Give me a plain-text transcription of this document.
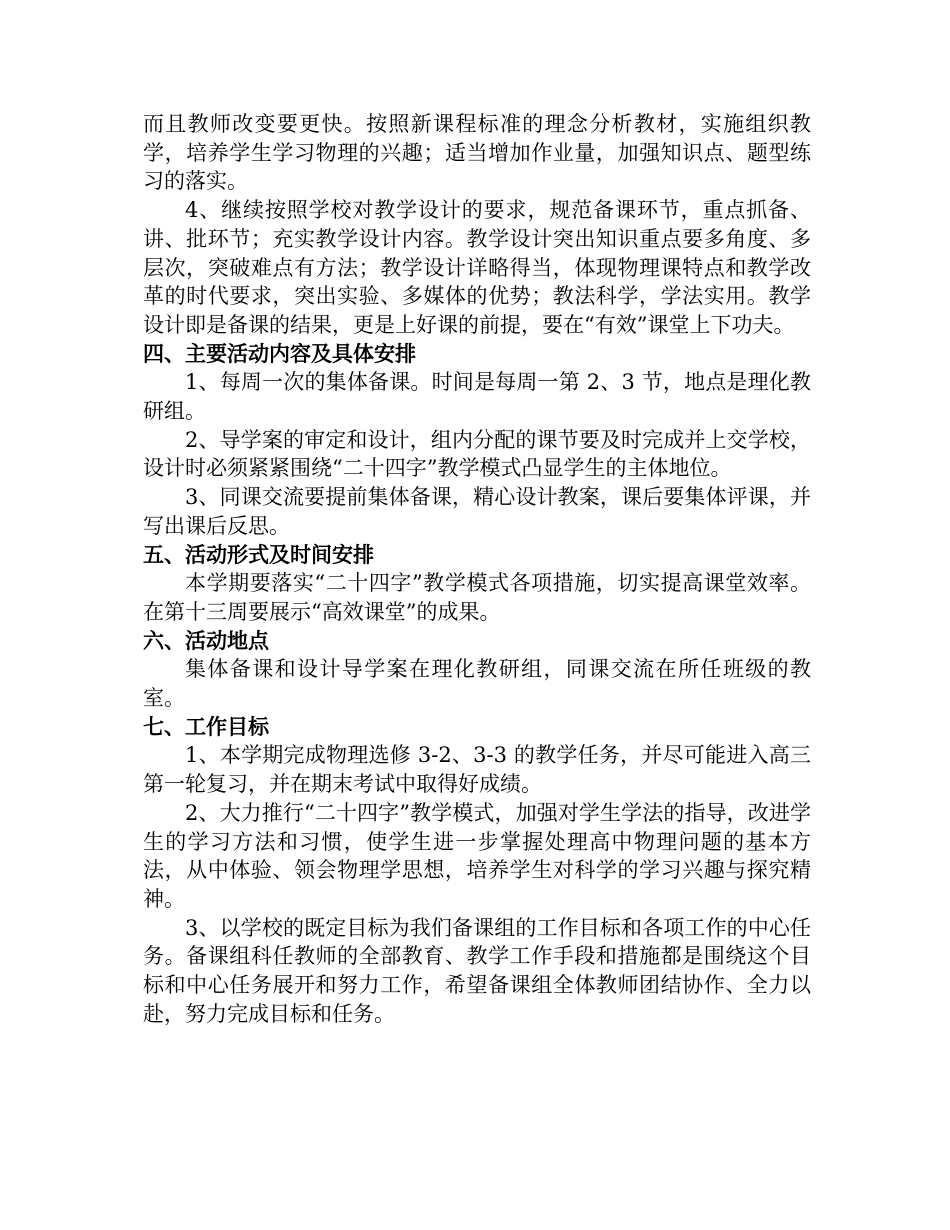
而且教师改变要更快。按照新课程标准的理念分析教材，实施组织教学，培养学生学习物理的兴趣；适当增加作业量，加强知识点、题型练习的落实。

4、继续按照学校对教学设计的要求，规范备课环节，重点抓备、讲、批环节；充实教学设计内容。教学设计突出知识重点要多角度、多层次，突破难点有方法；教学设计详略得当，体现物理课特点和教学改革的时代要求，突出实验、多媒体的优势；教法科学，学法实用。教学设计即是备课的结果，更是上好课的前提，要在“有效”课堂上下功夫。

四、主要活动内容及具体安排

1、每周一次的集体备课。时间是每周一第 2、3 节，地点是理化教研组。

2、导学案的审定和设计，组内分配的课节要及时完成并上交学校，设计时必须紧紧围绕“二十四字”教学模式凸显学生的主体地位。

3、同课交流要提前集体备课，精心设计教案，课后要集体评课，并写出课后反思。

五、活动形式及时间安排

本学期要落实“二十四字”教学模式各项措施，切实提高课堂效率。在第十三周要展示“高效课堂”的成果。

六、活动地点

集体备课和设计导学案在理化教研组，同课交流在所任班级的教室。

七、工作目标

1、本学期完成物理选修 3-2、3-3 的教学任务，并尽可能进入高三第一轮复习，并在期末考试中取得好成绩。

2、大力推行“二十四字”教学模式，加强对学生学法的指导，改进学生的学习方法和习惯，使学生进一步掌握处理高中物理问题的基本方法，从中体验、领会物理学思想，培养学生对科学的学习兴趣与探究精神。

3、以学校的既定目标为我们备课组的工作目标和各项工作的中心任务。备课组科任教师的全部教育、教学工作手段和措施都是围绕这个目标和中心任务展开和努力工作，希望备课组全体教师团结协作、全力以赴，努力完成目标和任务。
